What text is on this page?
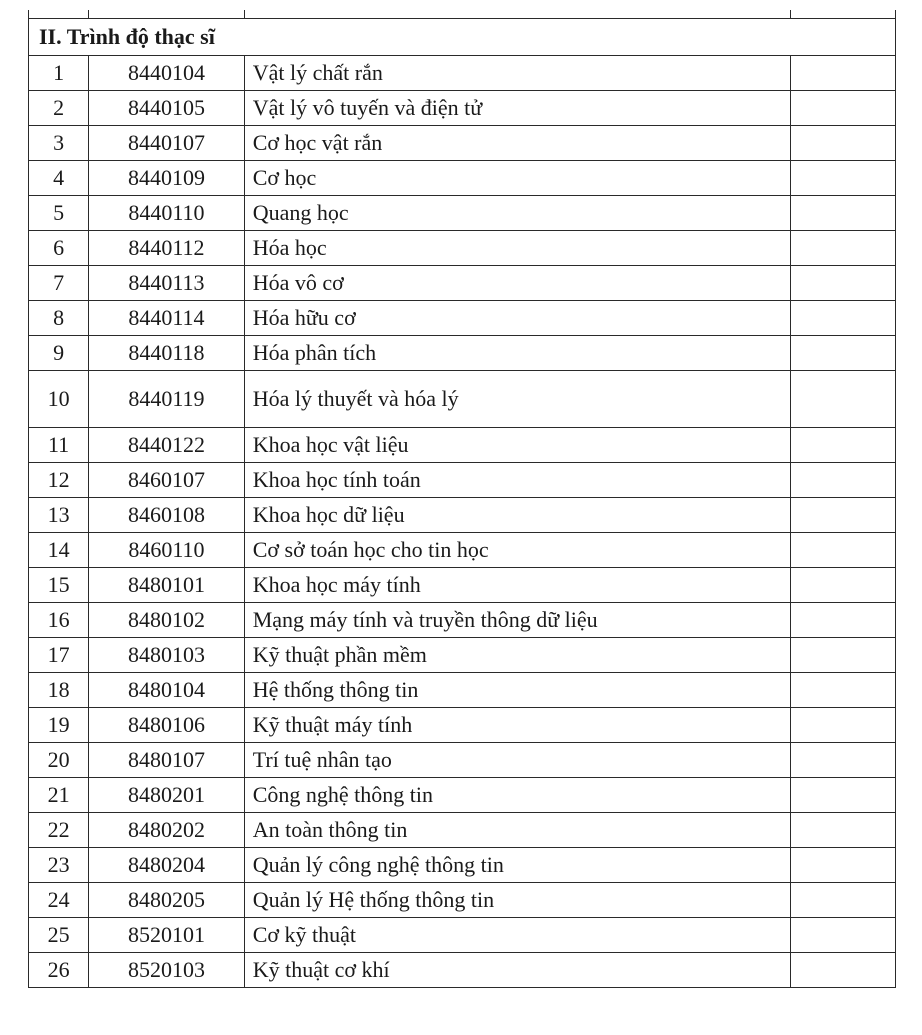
II. Trình độ thạc sĩ			
1	8440104	Vật lý chất rắn		
2	8440105	Vật lý vô tuyến và điện tử		
3	8440107	Cơ học vật rắn		
4	8440109	Cơ học		
5	8440110	Quang học		
6	8440112	Hóa học		
7	8440113	Hóa vô cơ		
8	8440114	Hóa hữu cơ		
9	8440118	Hóa phân tích		
10	8440119	Hóa lý thuyết và hóa lý		
11	8440122	Khoa học vật liệu		
12	8460107	Khoa học tính toán		
13	8460108	Khoa học dữ liệu		
14	8460110	Cơ sở toán học cho tin học		
15	8480101	Khoa học máy tính		
16	8480102	Mạng máy tính và truyền thông dữ liệu		
17	8480103	Kỹ thuật phần mềm		
18	8480104	Hệ thống thông tin		
19	8480106	Kỹ thuật máy tính		
20	8480107	Trí tuệ nhân tạo		
21	8480201	Công nghệ thông tin		
22	8480202	An toàn thông tin		
23	8480204	Quản lý công nghệ thông tin		
24	8480205	Quản lý Hệ thống thông tin		
25	8520101	Cơ kỹ thuật		
26	8520103	Kỹ thuật cơ khí		
